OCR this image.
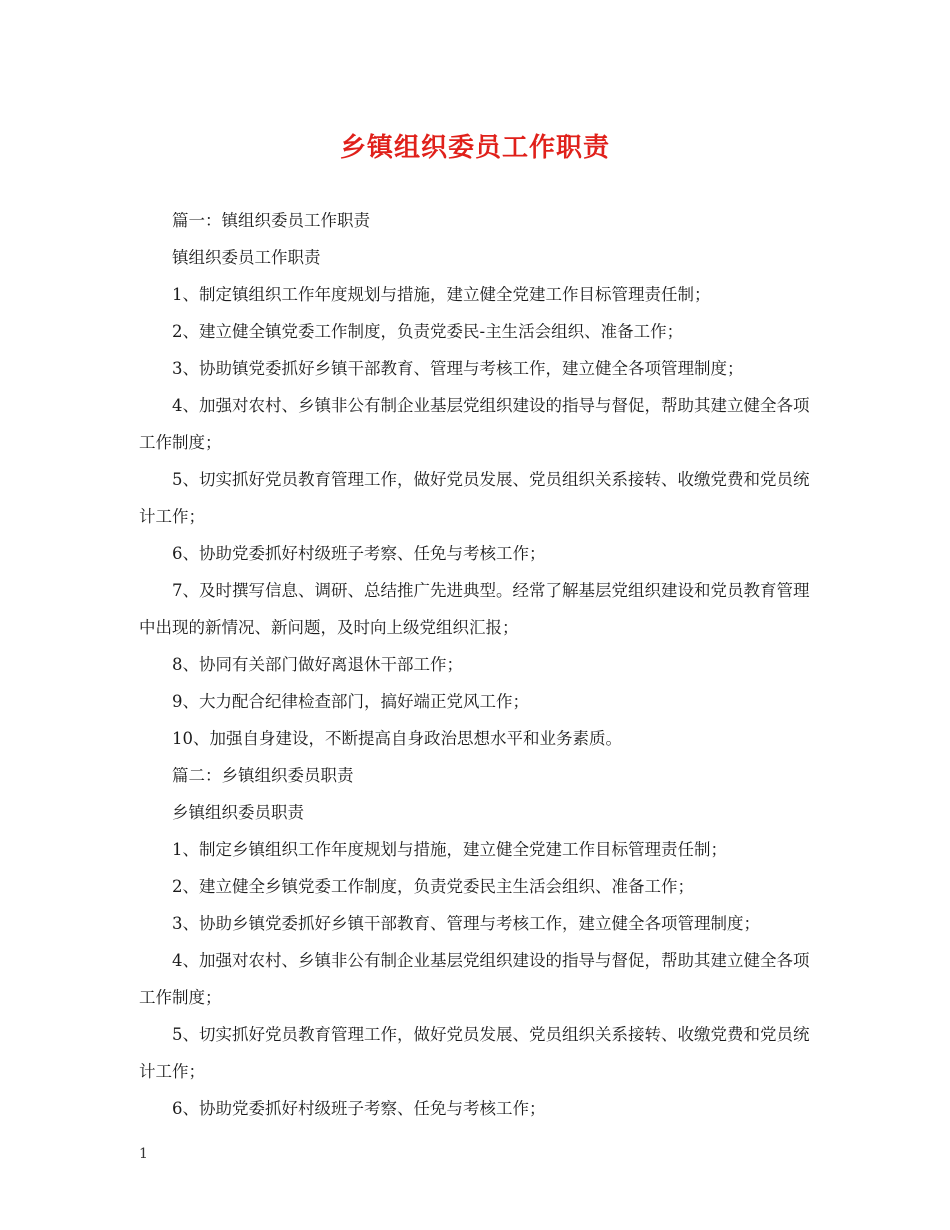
乡镇组织委员工作职责

篇一：镇组织委员工作职责

镇组织委员工作职责

1、制定镇组织工作年度规划与措施，建立健全党建工作目标管理责任制；

2、建立健全镇党委工作制度，负责党委民-主生活会组织、准备工作；

3、协助镇党委抓好乡镇干部教育、管理与考核工作，建立健全各项管理制度；

4、加强对农村、乡镇非公有制企业基层党组织建设的指导与督促，帮助其建立健全各项工作制度；

5、切实抓好党员教育管理工作，做好党员发展、党员组织关系接转、收缴党费和党员统计工作；

6、协助党委抓好村级班子考察、任免与考核工作；

7、及时撰写信息、调研、总结推广先进典型。经常了解基层党组织建设和党员教育管理中出现的新情况、新问题，及时向上级党组织汇报；

8、协同有关部门做好离退休干部工作；

9、大力配合纪律检查部门，搞好端正党风工作；

10、加强自身建设，不断提高自身政治思想水平和业务素质。

篇二：乡镇组织委员职责

乡镇组织委员职责

1、制定乡镇组织工作年度规划与措施，建立健全党建工作目标管理责任制；

2、建立健全乡镇党委工作制度，负责党委民主生活会组织、准备工作；

3、协助乡镇党委抓好乡镇干部教育、管理与考核工作，建立健全各项管理制度；

4、加强对农村、乡镇非公有制企业基层党组织建设的指导与督促，帮助其建立健全各项工作制度；

5、切实抓好党员教育管理工作，做好党员发展、党员组织关系接转、收缴党费和党员统计工作；

6、协助党委抓好村级班子考察、任免与考核工作；

1
